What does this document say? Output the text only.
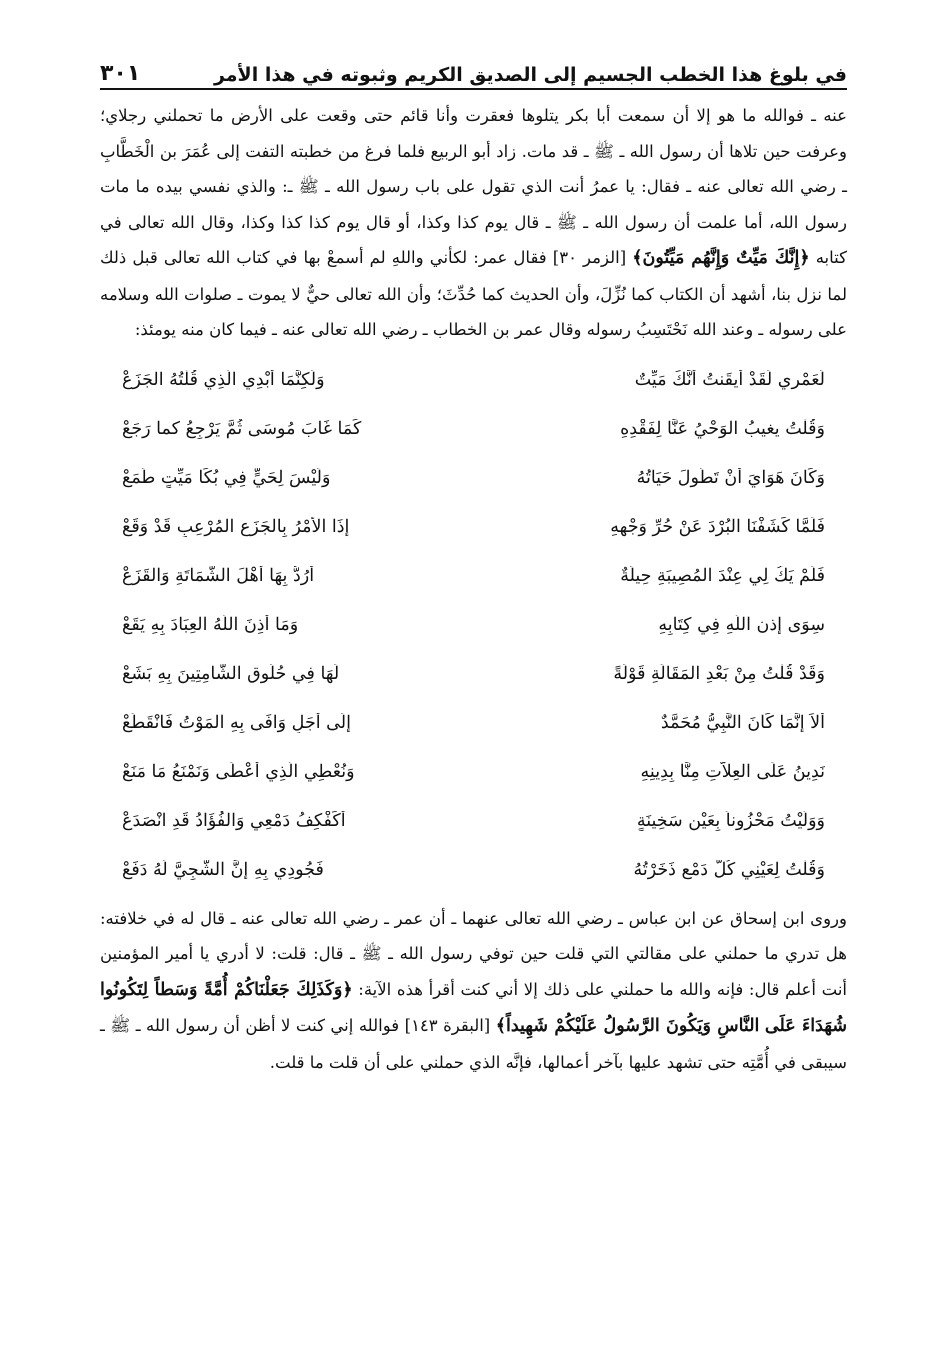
في بلوغ هذا الخطب الجسيم إلى الصديق الكريم وثبوته في هذا الأمر
٣٠١

عنه ـ فوالله ما هو إلا أن سمعت أبا بكر يتلوها فعقرت وأنا قائم حتى وقعت على الأرض ما تحملني رجلاي؛ وعرفت حين تلاها أن رسول الله ـ ﷺ ـ قد مات. زاد أبو الربيع فلما فرغ من خطبته التفت إلى عُمَرَ بن الْخَطَّابِ ـ رضي الله تعالى عنه ـ فقال: يا عمرُ أنت الذي تقول على باب رسول الله ـ ﷺ ـ: والذي نفسي بيده ما مات رسول الله، أما علمت أن رسول الله ـ ﷺ ـ قال يوم كذا وكذا، أو قال يوم كذا كذا وكذا، وقال الله تعالى في كتابه ﴿إِنَّكَ مَيِّتٌ وَإِنَّهُم مَيِّتُونَ﴾ [الزمر ٣٠] فقال عمر: لكأني واللهِ لم أسمعْ بها في كتاب الله تعالى قبل ذلك لما نزل بنا، أشهد أن الكتاب كما نُزِّلَ، وأن الحديث كما حُدِّثَ؛ وأن الله تعالى حيٌّ لا يموت ـ صلوات الله وسلامه على رسوله ـ وعند الله نَحْتَسِبُ رسوله وقال عمر بن الخطاب ـ رضي الله تعالى عنه ـ فيما كان منه يومئذ:

لَعَمْرِي لَقَدْ أيقَنتُ أنَّكَ مَيِّتٌ
وَلَكِنَّمَا أُبْدِي الَّذِي قُلْتُهُ الجَزَعْ
وَقُلْتُ يغيبُ الوَحْيُ عَنَّا لِفَقْدِهِ
كَمَا غَابَ مُوسَى ثُمَّ يَرْجِعُ كما رَجَعْ
وَكَانَ هَوَايَ أَنْ تَطُولَ حَيَاتُهُ
وَلَيْسَ لِحَيٍّ فِي بُكَا مَيِّتٍ طَمَعْ
فَلَمَّا كَشَفْنَا البُرْدَ عَنْ حُرِّ وَجْهِهِ
إِذَا الأَمْرُ بِالجَزَعِ المُرْعِبِ قَدْ وَقَعْ
فَلَمْ يَكُ لِي عِنْدَ المُصِيبَةِ حِيلَةٌ
أَرُدُّ بِهَا أَهْلَ الشَّمَاتَةِ وَالقَزَعْ
سِوَى إذن اللَّهِ فِي كِتَابِهِ
وَمَا أَذِنَ اللَّهُ العِبَادَ بِهِ يَقَعْ
وَقَدْ قُلْتُ مِنْ بَعْدِ المَقَالَةِ قَوْلَةً
لَهَا فِي حُلُوقِ الشَّامِتِينَ بِهِ بَشَعْ
أَلاَ إِنَّمَا كَانَ النَّبِيُّ مُحَمَّدٌ
إِلَى أَجَلٍ وَافَى بِهِ المَوْتُ فَانْقَطَعْ
نَدِينُ عَلَى العِلاَّتِ مِنَّا بِدِينِهِ
وَنُعْطِي الَّذِي أَعْطَى وَنَمْنَعُ مَا مَنَعْ
وَوَلَّيْتُ مَحْزُوناً بِعَيْنٍ سَخِينَةٍ
أُكَفْكِفُ دَمْعِي وَالفُؤَادُ قَدِ انْصَدَعْ
وَقُلْتُ لِعَيْنِي كُلَّ دَمْعٍ ذَخَرْتُهُ
فَجُودِي بِهِ إِنَّ الشَّجِيَّ لَهُ دَفَعْ

وروى ابن إسحاق عن ابن عباس ـ رضي الله تعالى عنهما ـ أن عمر ـ رضي الله تعالى عنه ـ قال له في خلافته: هل تدري ما حملني على مقالتي التي قلت حين توفي رسول الله ـ ﷺ ـ قال: قلت: لا أدري يا أمير المؤمنين أنت أعلم قال: فإنه والله ما حملني على ذلك إلا أني كنت أقرأ هذه الآية: ﴿وَكَذَلِكَ جَعَلْنَاكُمْ أُمَّةً وَسَطاً لِتَكُونُوا شُهَدَاءَ عَلَى النَّاسِ وَيَكُونَ الرَّسُولُ عَلَيْكُمْ شَهِيداً﴾ [البقرة ١٤٣] فوالله إني كنت لا أظن أن رسول الله ـ ﷺ ـ سيبقى في أُمَّتِه حتى تشهد عليها بآخر أعمالها، فإنَّه الذي حملني على أن قلت ما قلت.
